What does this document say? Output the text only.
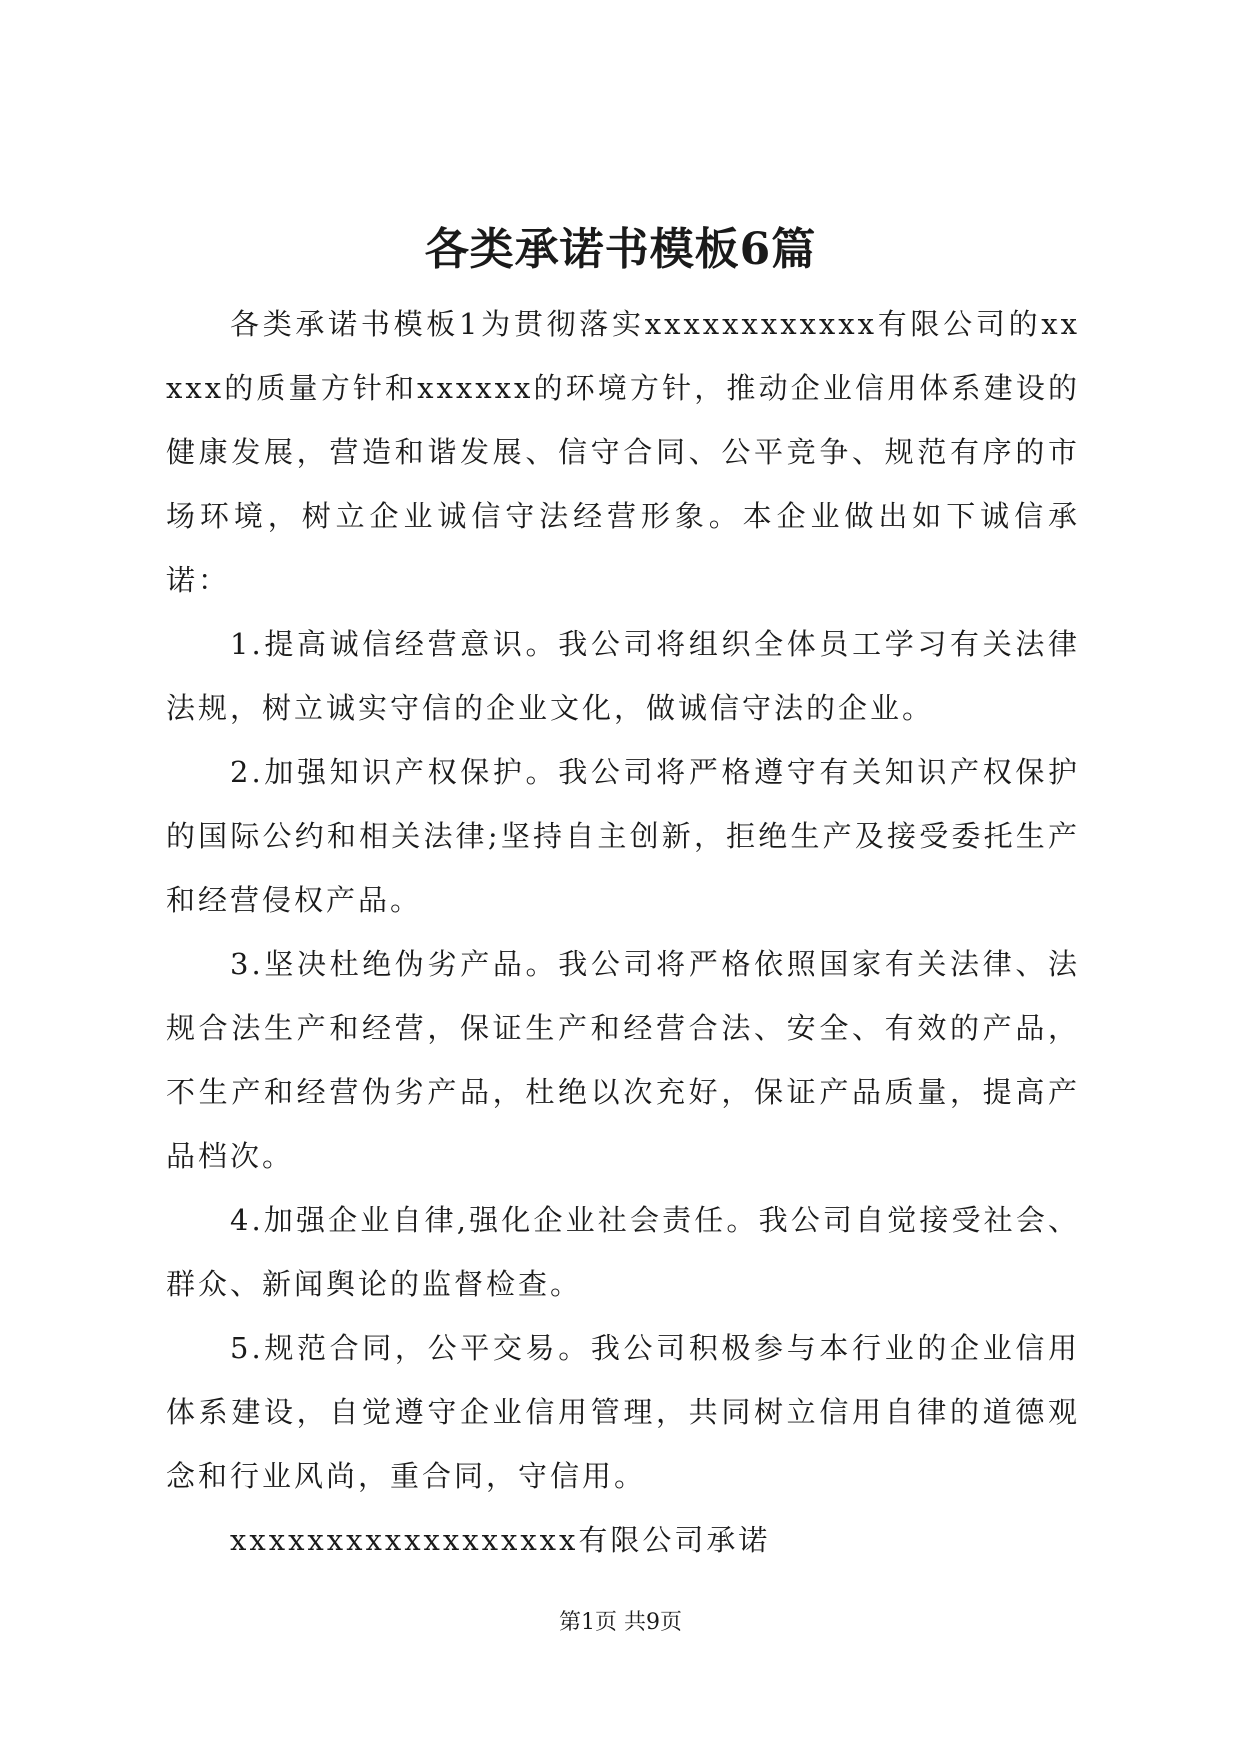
各类承诺书模板6篇

各类承诺书模板1为贯彻落实xxxxxxxxxxxx有限公司的xxxxx的质量方针和xxxxxx的环境方针，推动企业信用体系建设的健康发展，营造和谐发展、信守合同、公平竞争、规范有序的市场环境，树立企业诚信守法经营形象。本企业做出如下诚信承诺：

1.提高诚信经营意识。我公司将组织全体员工学习有关法律法规，树立诚实守信的企业文化，做诚信守法的企业。

2.加强知识产权保护。我公司将严格遵守有关知识产权保护的国际公约和相关法律;坚持自主创新，拒绝生产及接受委托生产和经营侵权产品。

3.坚决杜绝伪劣产品。我公司将严格依照国家有关法律、法规合法生产和经营，保证生产和经营合法、安全、有效的产品，不生产和经营伪劣产品，杜绝以次充好，保证产品质量，提高产品档次。

4.加强企业自律,强化企业社会责任。我公司自觉接受社会、群众、新闻舆论的监督检查。

5.规范合同，公平交易。我公司积极参与本行业的企业信用体系建设，自觉遵守企业信用管理，共同树立信用自律的道德观念和行业风尚，重合同，守信用。

xxxxxxxxxxxxxxxxxx有限公司承诺

第1页 共9页
